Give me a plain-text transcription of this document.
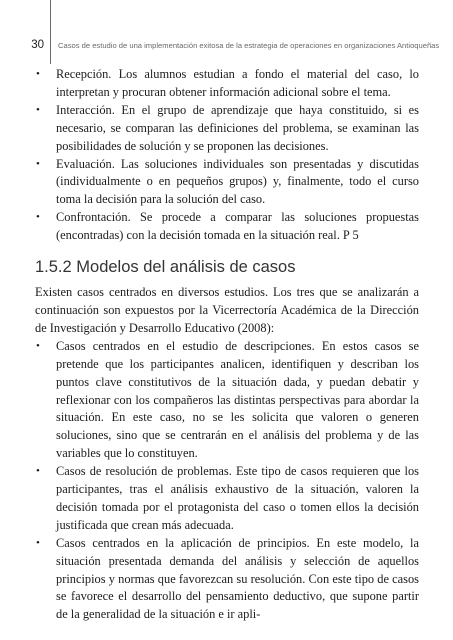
30 Casos de estudio de una implementación exitosa de la estrategia de operaciones en organizaciones Antioqueñas
• Recepción. Los alumnos estudian a fondo el material del caso, lo interpretan y procuran obtener información adicional sobre el tema.
• Interacción. En el grupo de aprendizaje que haya constituido, si es necesario, se comparan las definiciones del problema, se examinan las posibilidades de solución y se proponen las decisiones.
• Evaluación. Las soluciones individuales son presentadas y discutidas (individualmente o en pequeños grupos) y, finalmente, todo el curso toma la decisión para la solución del caso.
• Confrontación. Se procede a comparar las soluciones propuestas (encontradas) con la decisión tomada en la situación real. P 5
1.5.2 Modelos del análisis de casos

Existen casos centrados en diversos estudios. Los tres que se analizarán a continuación son expuestos por la Vicerrectoría Académica de la Dirección de Investigación y Desarrollo Educativo (2008):

• Casos centrados en el estudio de descripciones. En estos casos se pretende que los participantes analicen, identifiquen y describan los puntos clave constitutivos de la situación dada, y puedan debatir y reflexionar con los compañeros las distintas perspectivas para abordar la situación. En este caso, no se les solicita que valoren o generen soluciones, sino que se centrarán en el análisis del problema y de las variables que lo constituyen.
• Casos de resolución de problemas. Este tipo de casos requieren que los participantes, tras el análisis exhaustivo de la situación, valoren la decisión tomada por el protagonista del caso o tomen ellos la decisión justificada que crean más adecuada.
• Casos centrados en la aplicación de principios. En este modelo, la situación presentada demanda del análisis y selección de aquellos principios y normas que favorezcan su resolución. Con este tipo de casos se favorece el desarrollo del pensamiento deductivo, que supone partir de la generalidad de la situación e ir apli-
